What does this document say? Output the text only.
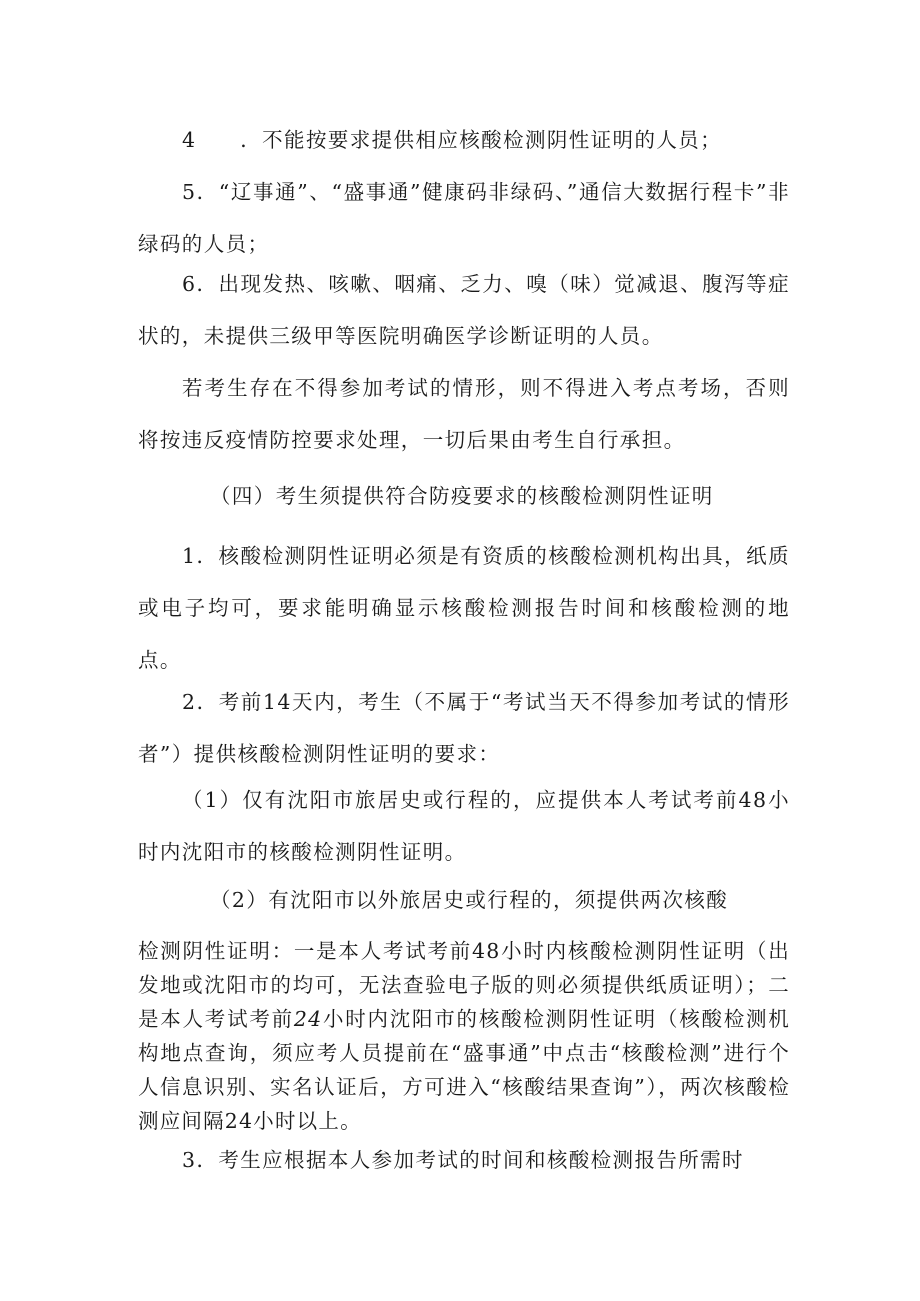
4　　．不能按要求提供相应核酸检测阴性证明的人员；

5．“辽事通”、“盛事通”健康码非绿码、”通信大数据行程卡”非绿码的人员；

6．出现发热、咳嗽、咽痛、乏力、嗅（味）觉减退、腹泻等症状的，未提供三级甲等医院明确医学诊断证明的人员。

若考生存在不得参加考试的情形，则不得进入考点考场，否则将按违反疫情防控要求处理，一切后果由考生自行承担。

（四）考生须提供符合防疫要求的核酸检测阴性证明

1．核酸检测阴性证明必须是有资质的核酸检测机构出具，纸质或电子均可，要求能明确显示核酸检测报告时间和核酸检测的地点。

2．考前14天内，考生（不属于“考试当天不得参加考试的情形者”）提供核酸检测阴性证明的要求：

（1）仅有沈阳市旅居史或行程的，应提供本人考试考前48小时内沈阳市的核酸检测阴性证明。

（2）有沈阳市以外旅居史或行程的，须提供两次核酸

检测阴性证明：一是本人考试考前48小时内核酸检测阴性证明（出发地或沈阳市的均可，无法查验电子版的则必须提供纸质证明）；二是本人考试考前24小时内沈阳市的核酸检测阴性证明（核酸检测机构地点查询，须应考人员提前在“盛事通”中点击“核酸检测”进行个人信息识别、实名认证后，方可进入“核酸结果查询”），两次核酸检测应间隔24小时以上。

3．考生应根据本人参加考试的时间和核酸检测报告所需时
